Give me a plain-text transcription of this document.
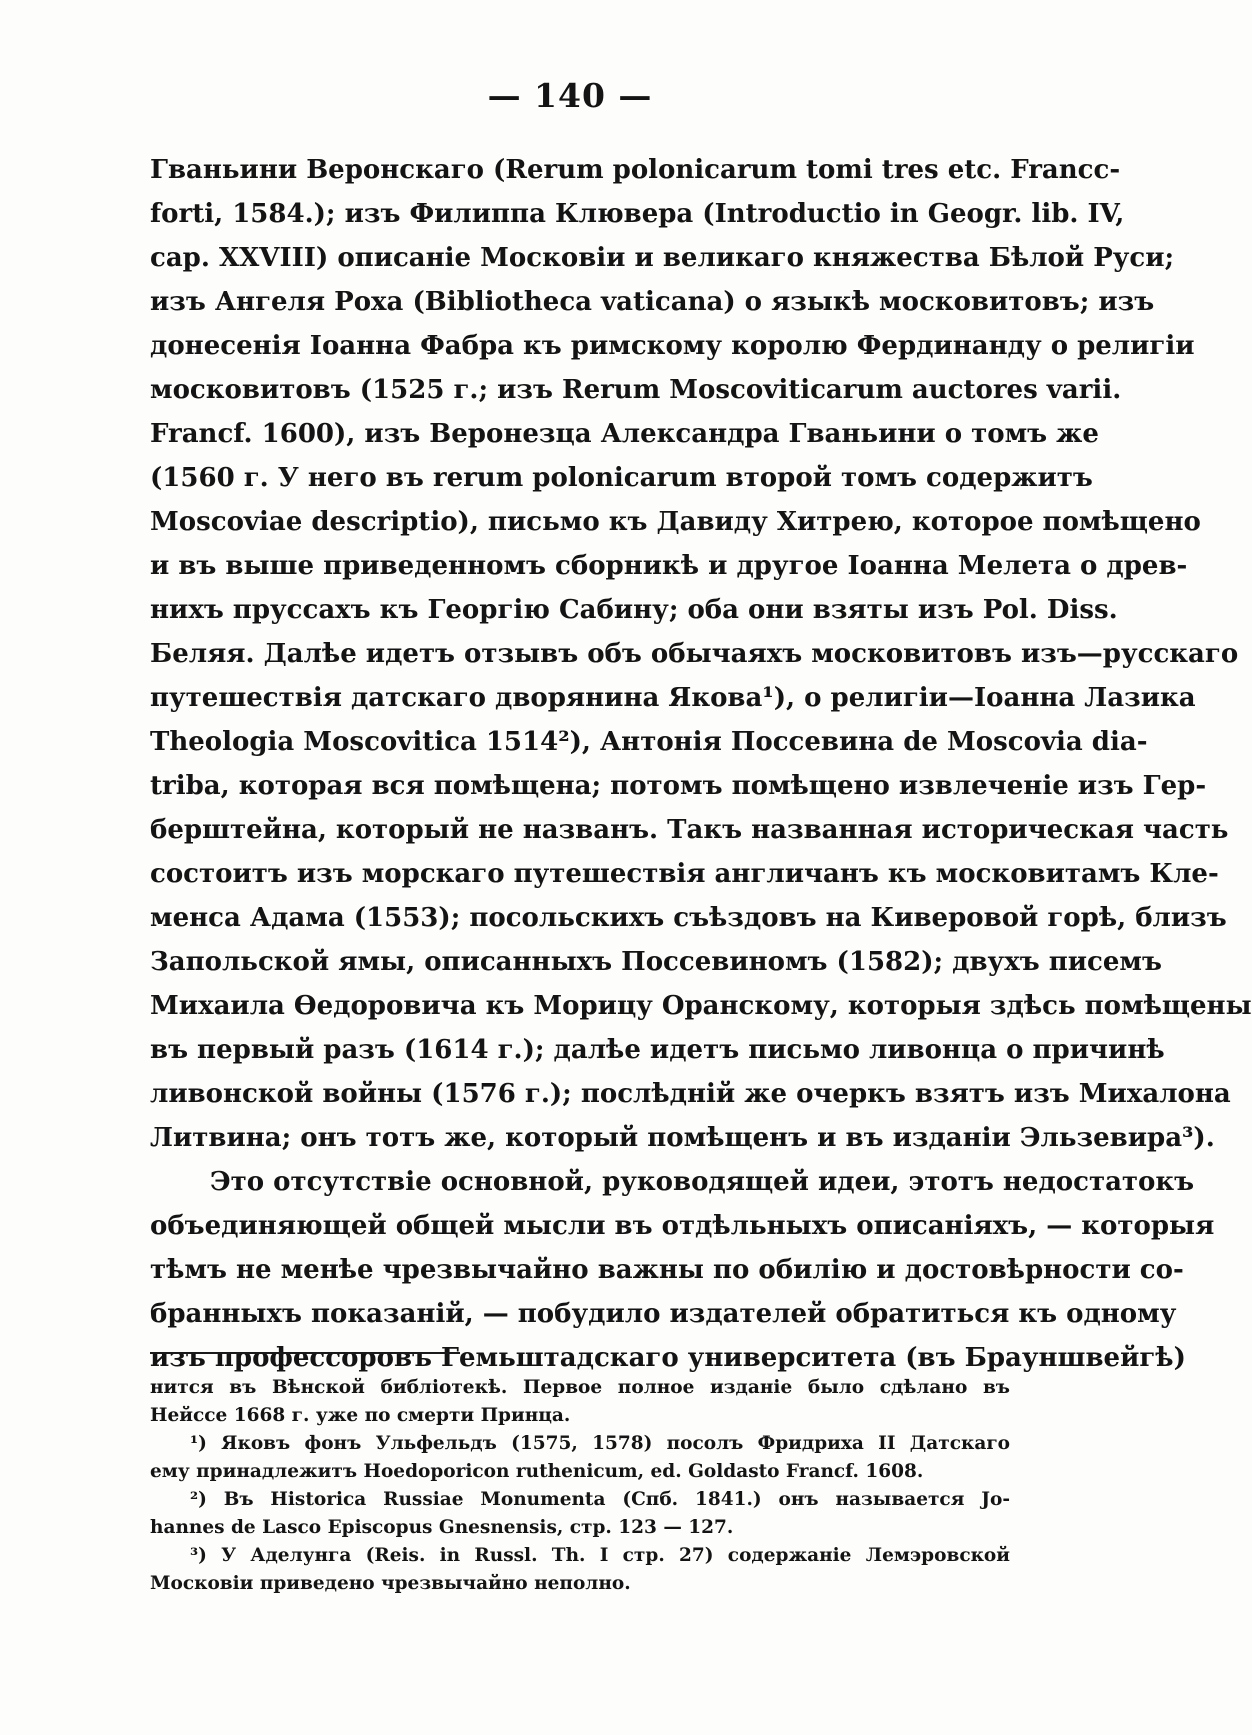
— 140 —
Гваньини Веронскаго (Rerum polonicarum tomi tres etc. Francc-
forti, 1584.); изъ Филиппа Клювера (Introductio in Geogr. lib. IV,
cap. XXVIII) описаніе Московіи и великаго княжества Бѣлой Руси;
изъ Ангеля Роха (Bibliotheca vaticana) о языкѣ московитовъ; изъ
донесенія Іоанна Фабра къ римскому королю Фердинанду о религіи
московитовъ (1525 г.; изъ Rerum Moscoviticarum auctores varii.
Francf. 1600), изъ Веронезца Александра Гваньини о томъ же
(1560 г. У него въ rerum polonicarum второй томъ содержитъ
Moscoviae descriptio), письмо къ Давиду Хитрею, которое помѣщено
и въ выше приведенномъ сборникѣ и другое Іоанна Мелета о древ-
нихъ пруссахъ къ Георгію Сабину; оба они взяты изъ Pol. Diss.
Беляя. Далѣе идетъ отзывъ объ обычаяхъ московитовъ изъ—русскаго
путешествія датскаго дворянина Якова¹), о религіи—Іоанна Лазика
Theologia Moscovitica 1514²), Антонія Поссевина de Moscovia dia-
triba, которая вся помѣщена; потомъ помѣщено извлеченіе изъ Гер-
берштейна, который не названъ. Такъ названная историческая часть
состоитъ изъ морскаго путешествія англичанъ къ московитамъ Кле-
менса Адама (1553); посольскихъ съѣздовъ на Киверовой горѣ, близъ
Запольской ямы, описанныхъ Поссевиномъ (1582); двухъ писемъ
Михаила Ѳедоровича къ Морицу Оранскому, которыя здѣсь помѣщены
въ первый разъ (1614 г.); далѣе идетъ письмо ливонца о причинѣ
ливонской войны (1576 г.); послѣдній же очеркъ взятъ изъ Михалона
Литвина; онъ тотъ же, который помѣщенъ и въ изданіи Эльзевира³).
Это отсутствіе основной, руководящей идеи, этотъ недостатокъ
объединяющей общей мысли въ отдѣльныхъ описаніяхъ, — которыя
тѣмъ не менѣе чрезвычайно важны по обилію и достовѣрности со-
бранныхъ показаній, — побудило издателей обратиться къ одному
изъ профессоровъ Гемьштадскаго университета (въ Брауншвейгѣ)
нится въ Вѣнской библіотекѣ. Первое полное изданіе было сдѣлано въ
Нейссе 1668 г. уже по смерти Принца.
¹) Яковъ фонъ Ульфельдъ (1575, 1578) посолъ Фридриха II Датскаго
ему принадлежитъ Hoedoporicon ruthenicum, ed. Goldasto Francf. 1608.
²) Въ Historica Russiae Monumenta (Спб. 1841.) онъ называется Jo-
hannes de Lasco Episcopus Gnesnensis, стр. 123 — 127.
³) У Аделунга (Reis. in Russl. Th. I стр. 27) содержаніе Лемэровской
Московіи приведено чрезвычайно неполно.
